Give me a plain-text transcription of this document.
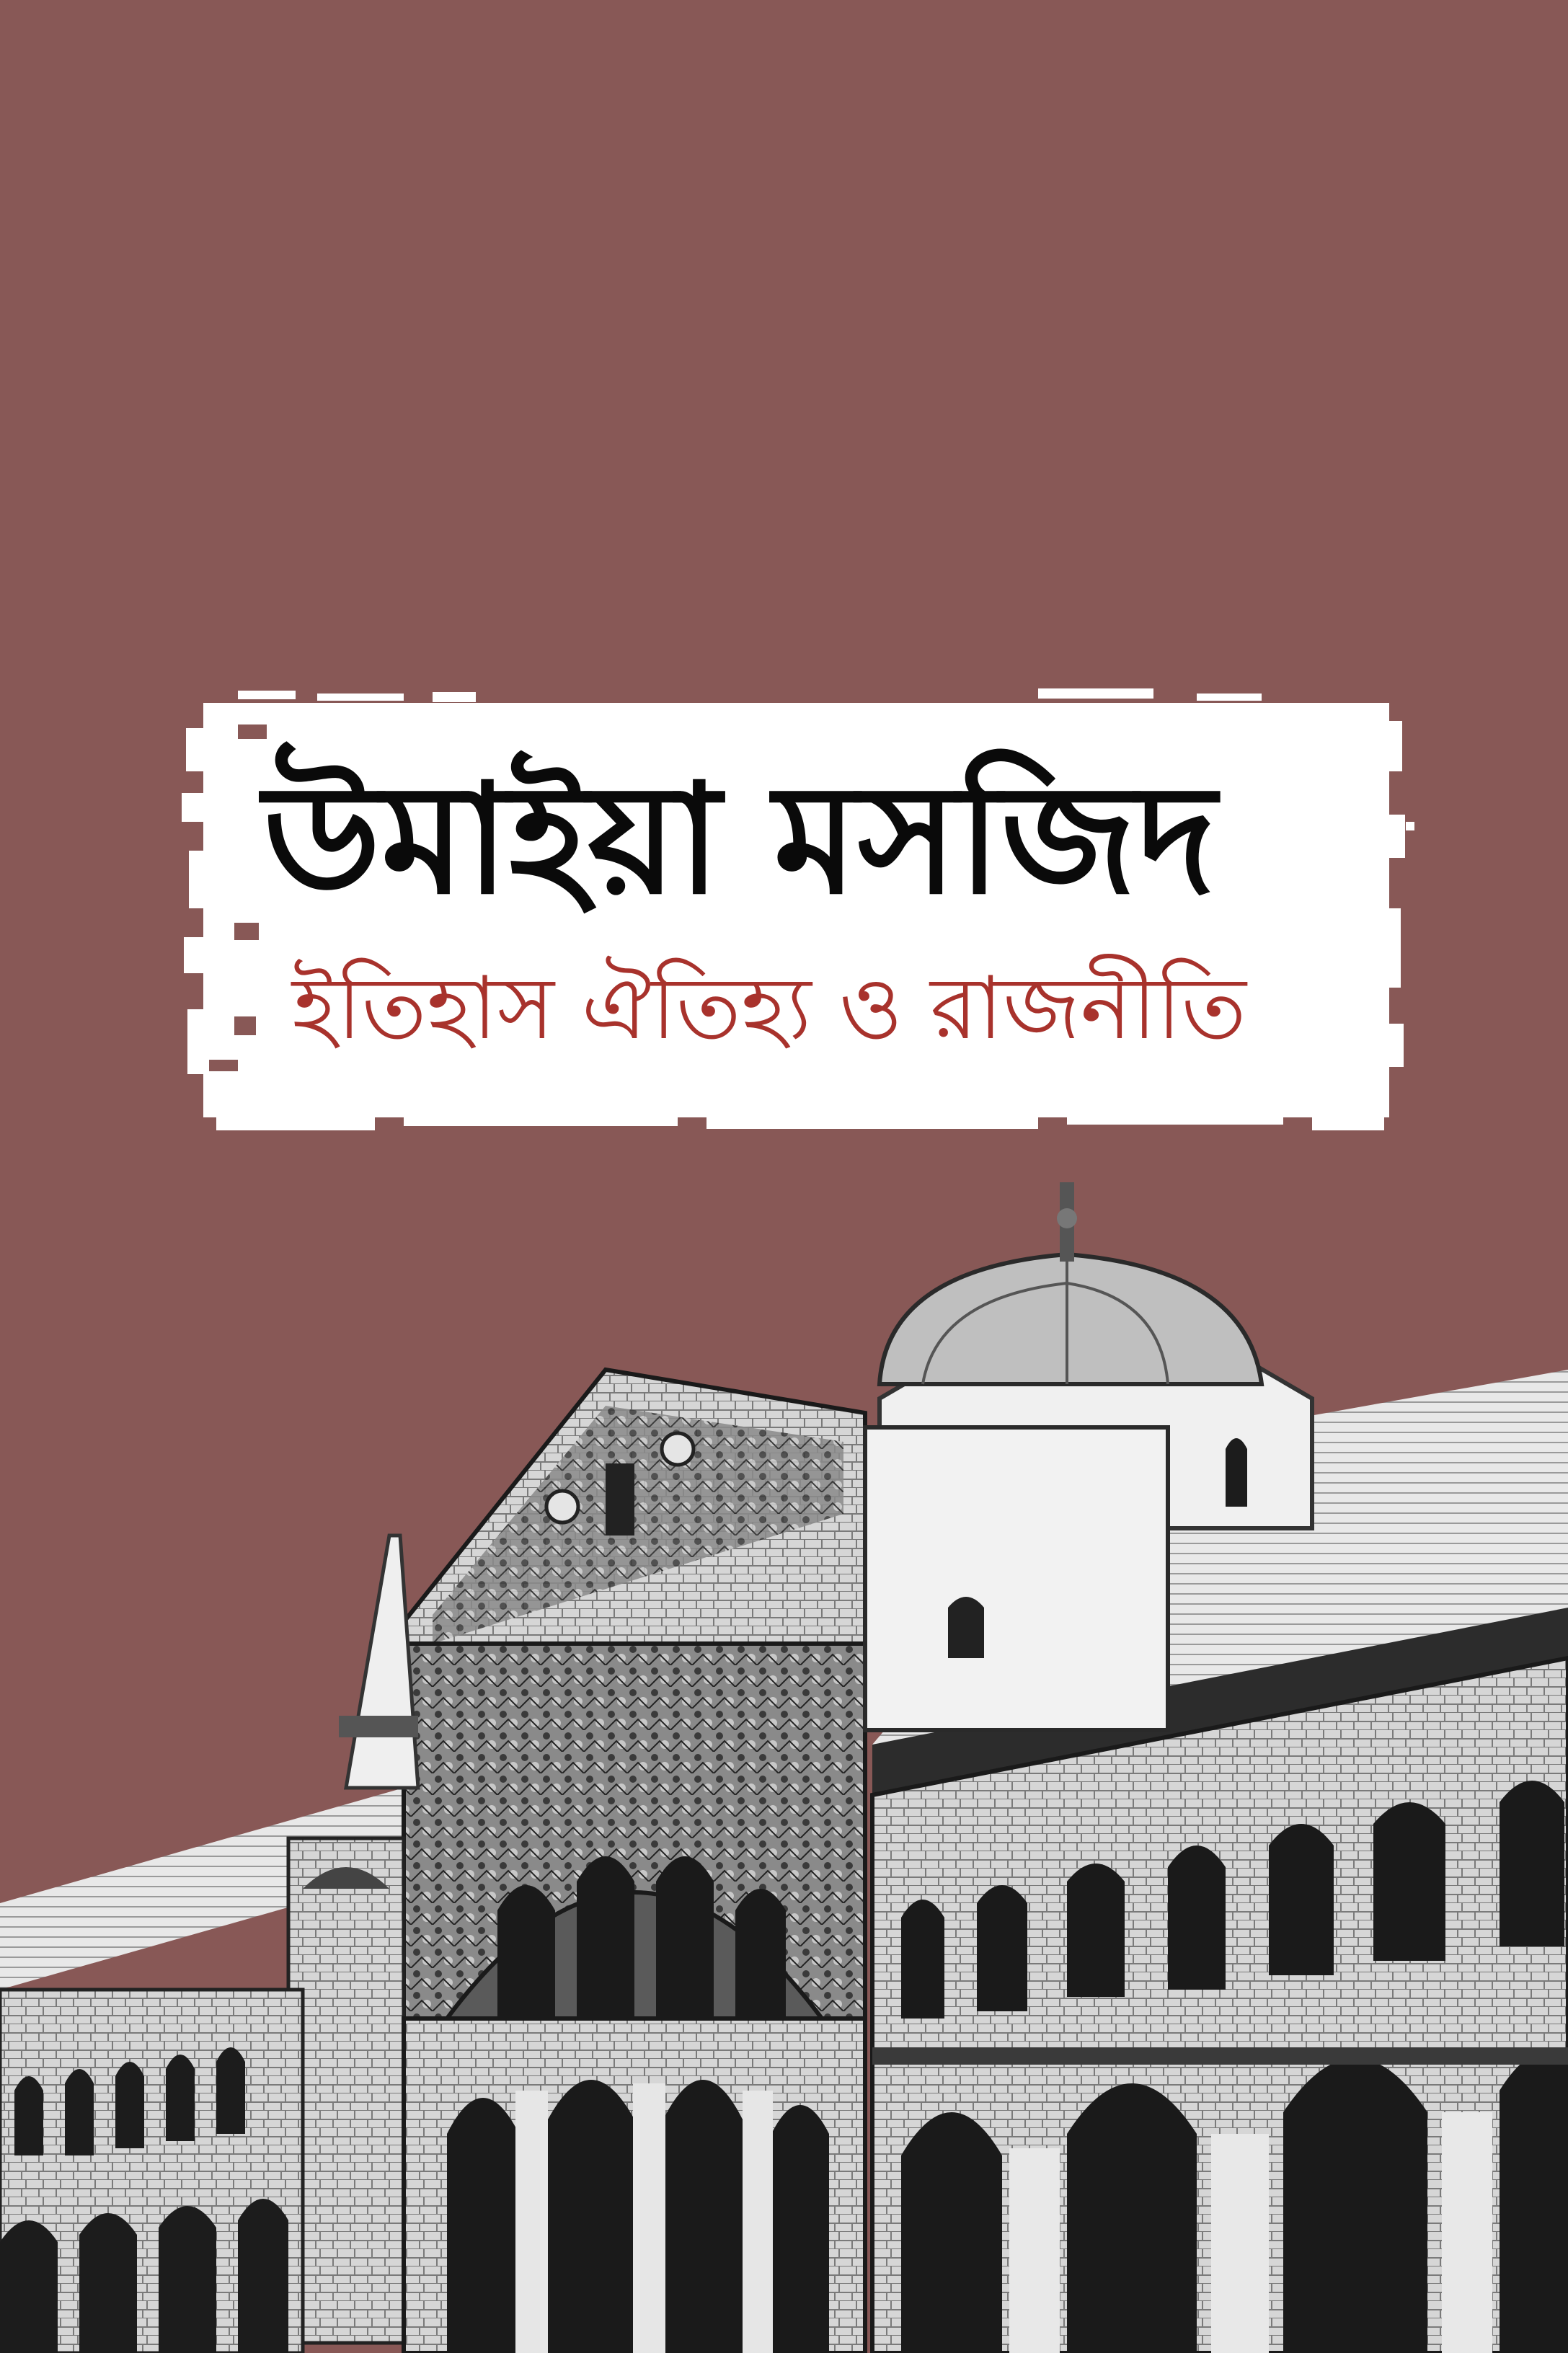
উমাইয়া মসজিদ
ইতিহাস ঐতিহ্য ও রাজনীতি
